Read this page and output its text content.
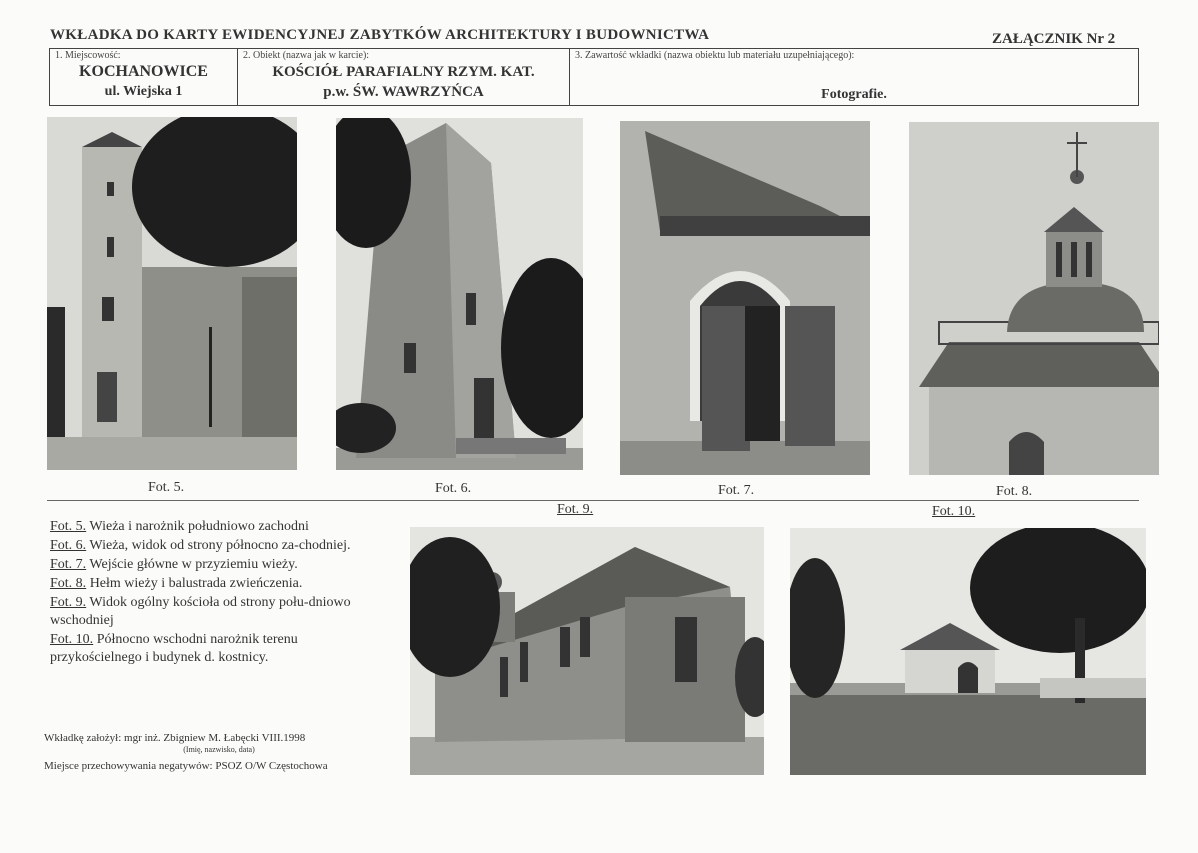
WKŁADKA DO KARTY EWIDENCYJNEJ ZABYTKÓW ARCHITEKTURY I BUDOWNICTWA	ZAŁĄCZNIK Nr 2
1. Miejscowość:
KOCHANOWICE
ul. Wiejska 1
2. Obiekt (nazwa jak w karcie):
KOŚCIÓŁ PARAFIALNY RZYM. KAT.
p.w. ŚW. WAWRZYŃCA
3. Zawartość wkładki (nazwa obiektu lub materiału uzupełniającego):
Fotografie.
Fot. 5.	Fot. 6.	Fot. 7.	Fot. 8.
Fot. 9.	Fot. 10.

Fot. 5. Wieża i narożnik południowo zachodni

Fot. 6. Wieża, widok od strony północno za-chodniej.

Fot. 7. Wejście główne w przyziemiu wieży.

Fot. 8. Hełm wieży i balustrada zwieńczenia.

Fot. 9. Widok ogólny kościoła od strony połu-dniowo wschodniej

Fot. 10. Północno wschodni narożnik terenu przykościelnego i budynek d. kostnicy.

Wkładkę założył: mgr inż. Zbigniew M. Łabęcki VIII.1998
(Imię, nazwisko, data)
Miejsce przechowywania negatywów: PSOZ O/W Częstochowa
